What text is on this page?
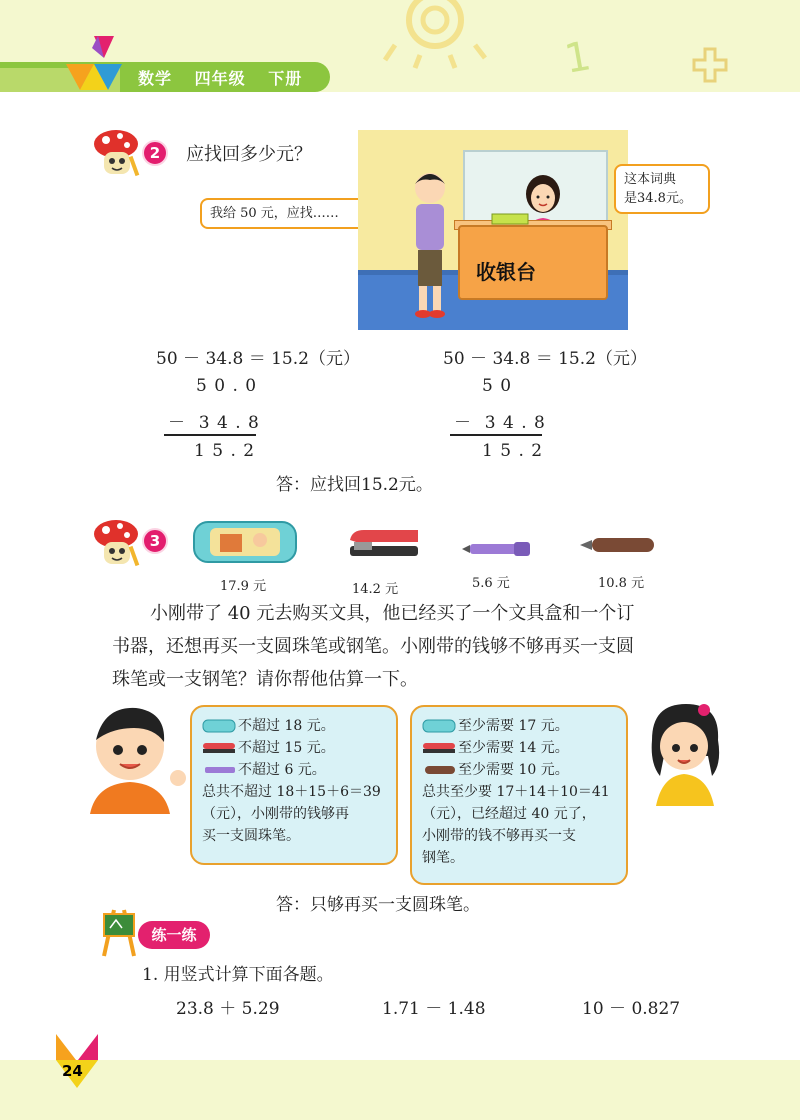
1
数学 四年级 下册
2	应找回多少元？
我给 50 元，应找……
收银台
这本词典
是34.8元。
50 － 34.8 ＝ 15.2（元）
5 0 . 0
－  3 4 . 8
1 5 . 2
50 － 34.8 ＝ 15.2（元）
5 0
－  3 4 . 8
1 5 . 2
答：应找回15.2元。
3
17.9 元	14.2 元	5.6 元	10.8 元
小刚带了 40 元去购买文具，他已经买了一个文具盒和一个订
书器，还想再买一支圆珠笔或钢笔。小刚带的钱够不够再买一支圆
珠笔或一支钢笔？请你帮他估算一下。
不超过 18 元。
不超过 15 元。
不超过 6 元。
总共不超过 18＋15＋6＝39
（元），小刚带的钱够再
买一支圆珠笔。
至少需要 17 元。
至少需要 14 元。
至少需要 10 元。
总共至少要 17＋14＋10＝41
（元），已经超过 40 元了，
小刚带的钱不够再买一支
钢笔。
答：只够再买一支圆珠笔。
练一练
1. 用竖式计算下面各题。
23.8 ＋ 5.29	1.71 － 1.48	10 － 0.827
24
